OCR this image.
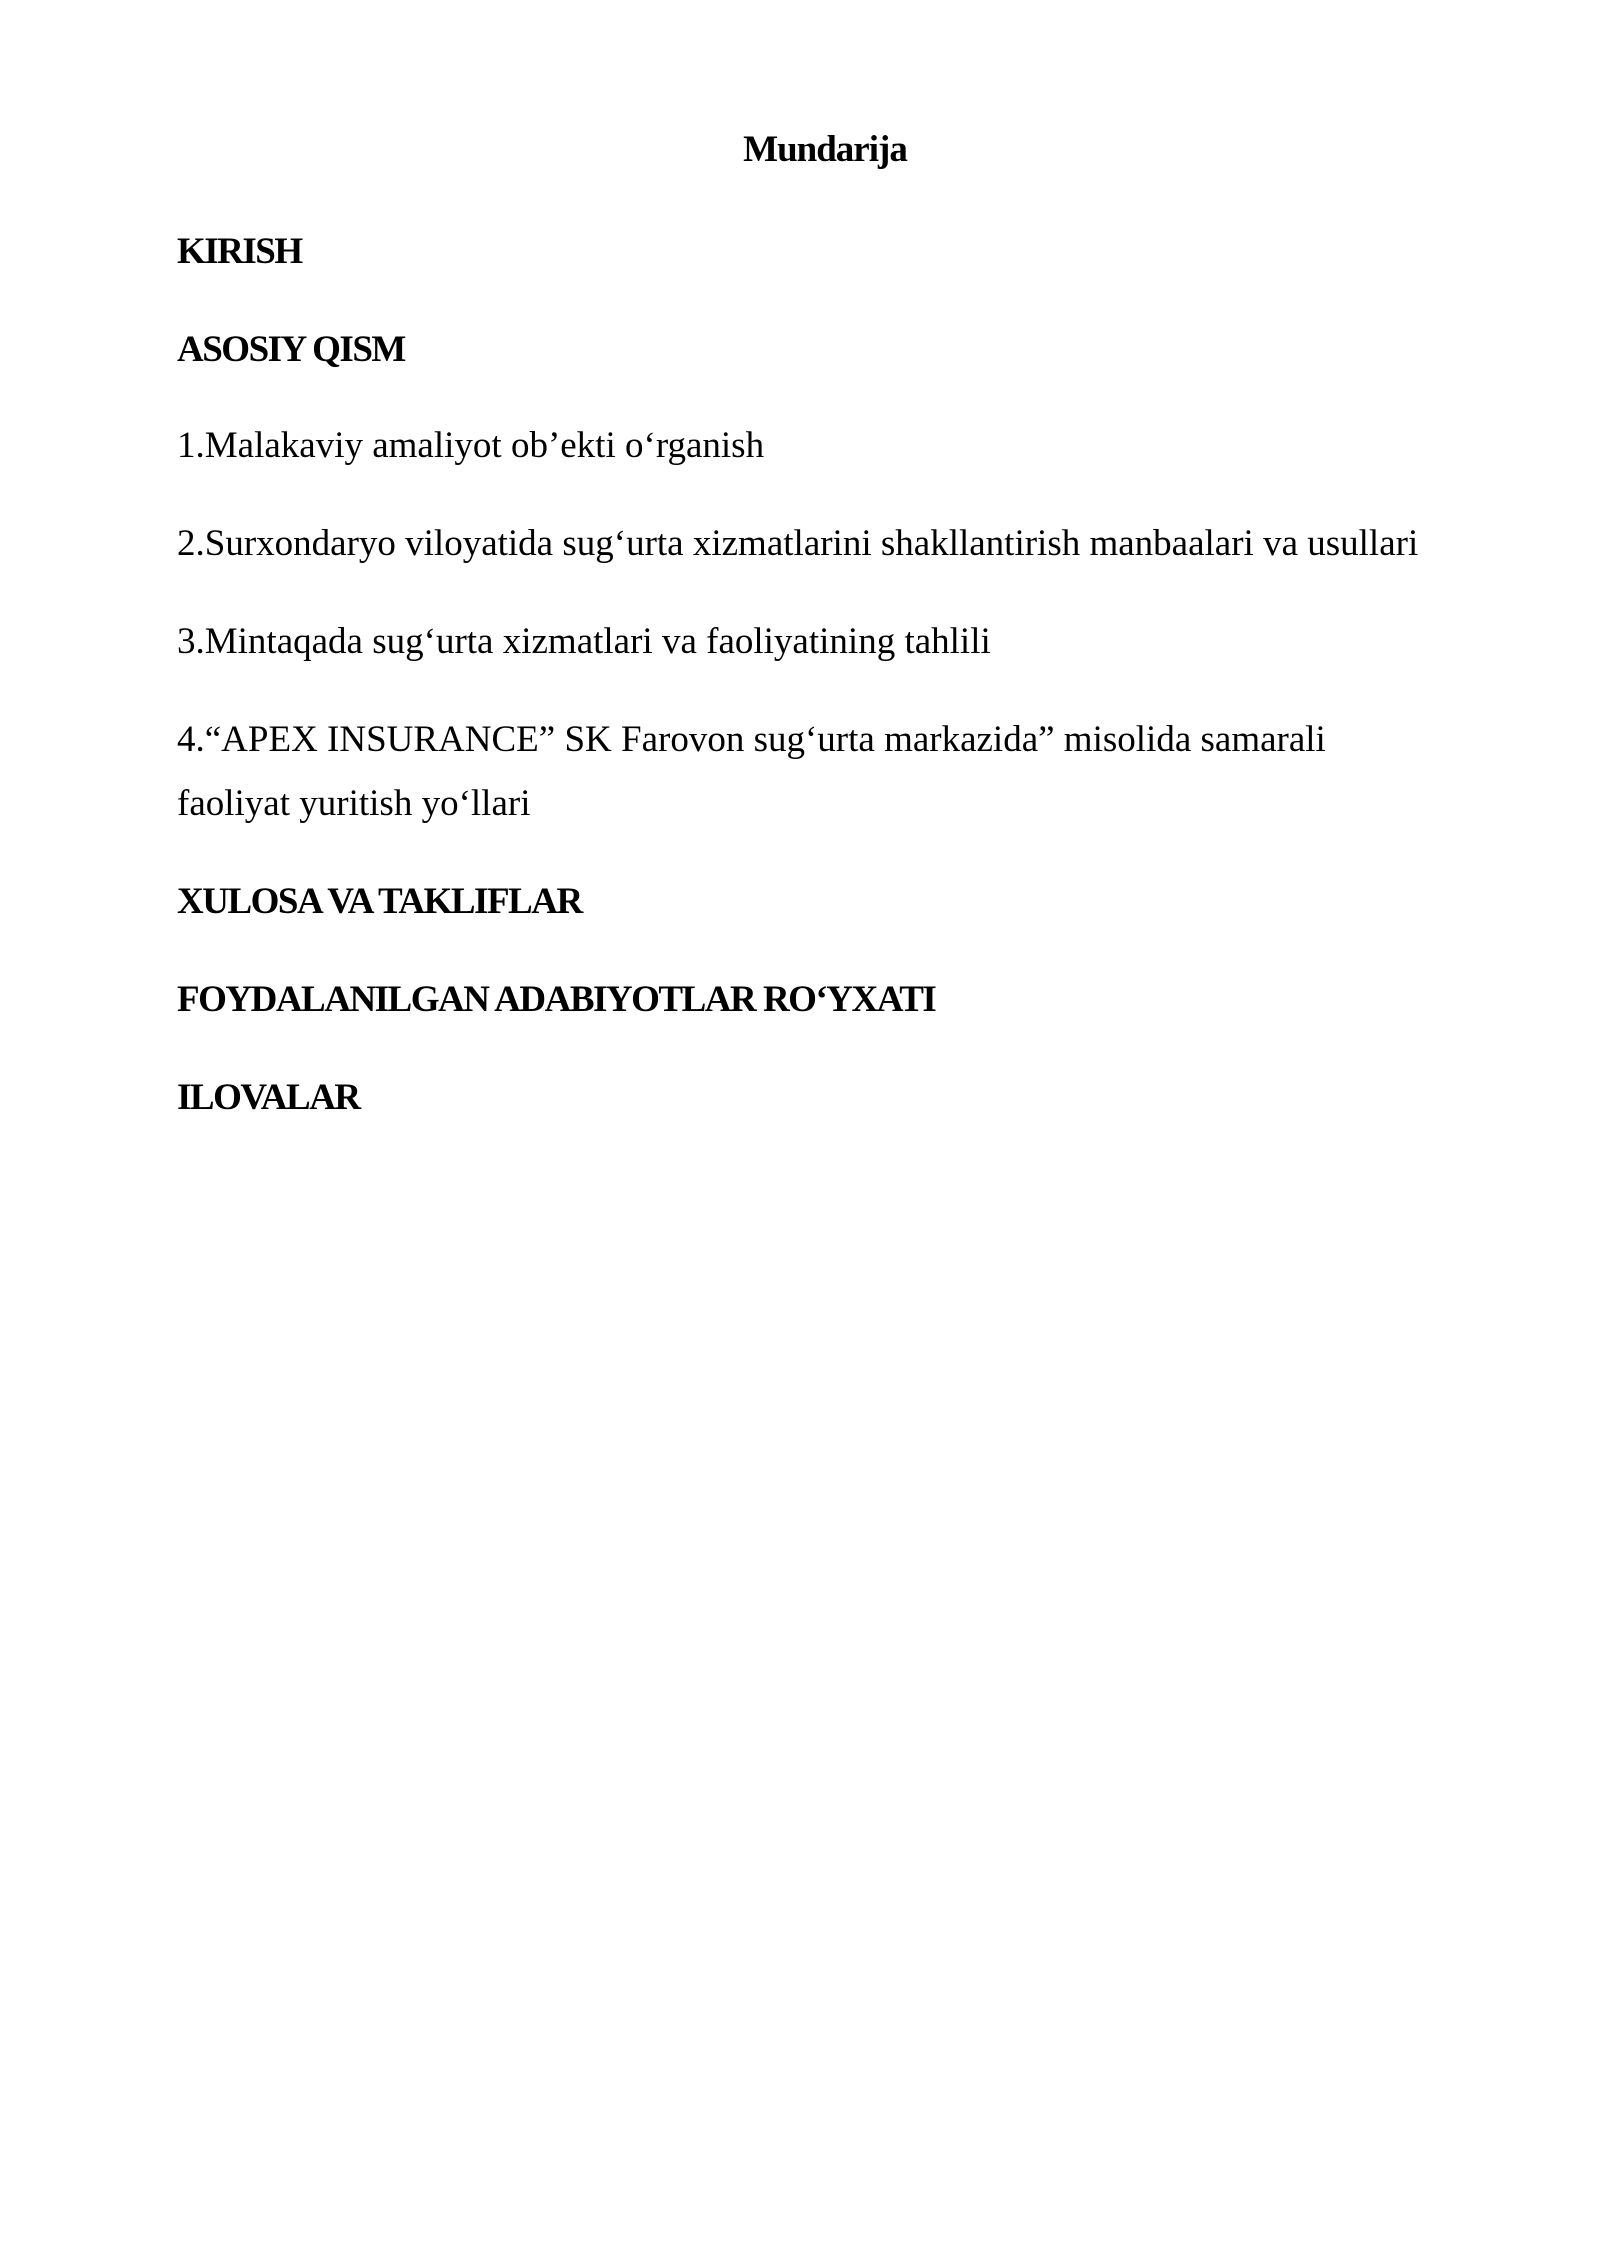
Mundarija
KIRISH
ASOSIY QISM
1.Malakaviy amaliyot ob’ekti o‘rganish
2.Surxondaryo viloyatida sug‘urta xizmatlarini shakllantirish manbaalari va usullari
3.Mintaqada sug‘urta xizmatlari va faoliyatining tahlili
4.“APEX INSURANCE” SK Farovon sug‘urta markazida” misolida samarali
faoliyat yuritish yo‘llari
XULOSA VA TAKLIFLAR
FOYDALANILGAN ADABIYOTLAR RO‘YXATI
ILOVALAR
